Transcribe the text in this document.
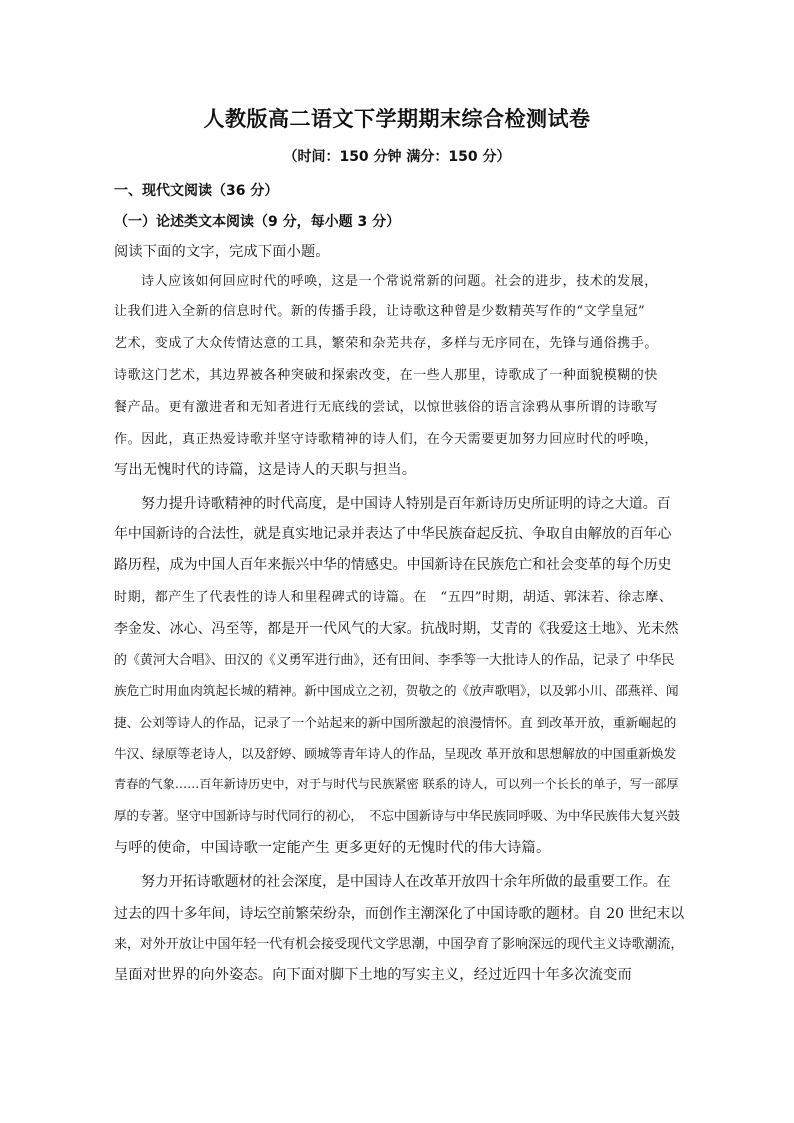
人教版高二语文下学期期末综合检测试卷
（时间：150 分钟 满分：150 分）
一、现代文阅读（36 分）
（一）论述类文本阅读（9 分，每小题 3 分）
阅读下面的文字，完成下面小题。
诗人应该如何回应时代的呼唤，这是一个常说常新的问题。社会的进步，技术的发展，
让我们进入全新的信息时代。新的传播手段，让诗歌这种曾是少数精英写作的“文学皇冠”
艺术，变成了大众传情达意的工具，繁荣和杂芜共存，多样与无序同在，先锋与通俗携手。
诗歌这门艺术，其边界被各种突破和探索改变，在一些人那里，诗歌成了一种面貌模糊的快
餐产品。更有激进者和无知者进行无底线的尝试，以惊世骇俗的语言涂鸦从事所谓的诗歌写
作。因此，真正热爱诗歌并坚守诗歌精神的诗人们，在今天需要更加努力回应时代的呼唤，
写出无愧时代的诗篇，这是诗人的天职与担当。
努力提升诗歌精神的时代高度，是中国诗人特别是百年新诗历史所证明的诗之大道。百
年中国新诗的合法性，就是真实地记录并表达了中华民族奋起反抗、争取自由解放的百年心
路历程，成为中国人百年来振兴中华的情感史。中国新诗在民族危亡和社会变革的每个历史
时期，都产生了代表性的诗人和里程碑式的诗篇。在　“五四”时期，胡适、郭沫若、徐志摩、
李金发、冰心、冯至等，都是开一代风气的大家。抗战时期，艾青的《我爱这土地》、光未然
的《黄河大合唱》、田汉的《义勇军进行曲》，还有田间、李季等一大批诗人的作品，记录了 中华民
族危亡时用血肉筑起长城的精神。新中国成立之初，贺敬之的《放声歌唱》，以及郭小川、邵燕祥、闻
捷、公刘等诗人的作品，记录了一个站起来的新中国所激起的浪漫情怀。直 到改革开放，重新崛起的
牛汉、绿原等老诗人，以及舒婷、顾城等青年诗人的作品，呈现改 革开放和思想解放的中国重新焕发
青春的气象……百年新诗历史中，对于与时代与民族紧密 联系的诗人，可以列一个长长的单子，写一部厚
厚的专著。坚守中国新诗与时代同行的初心，　不忘中国新诗与中华民族同呼吸、为中华民族伟大复兴鼓
与呼的使命，中国诗歌一定能产生 更多更好的无愧时代的伟大诗篇。
努力开拓诗歌题材的社会深度，是中国诗人在改革开放四十余年所做的最重要工作。在
过去的四十多年间，诗坛空前繁荣纷杂，而创作主潮深化了中国诗歌的题材。自 20 世纪末以
来，对外开放让中国年轻一代有机会接受现代文学思潮，中国孕育了影响深远的现代主义诗歌潮流，
呈面对世界的向外姿态。向下面对脚下土地的写实主义，经过近四十年多次流变而
